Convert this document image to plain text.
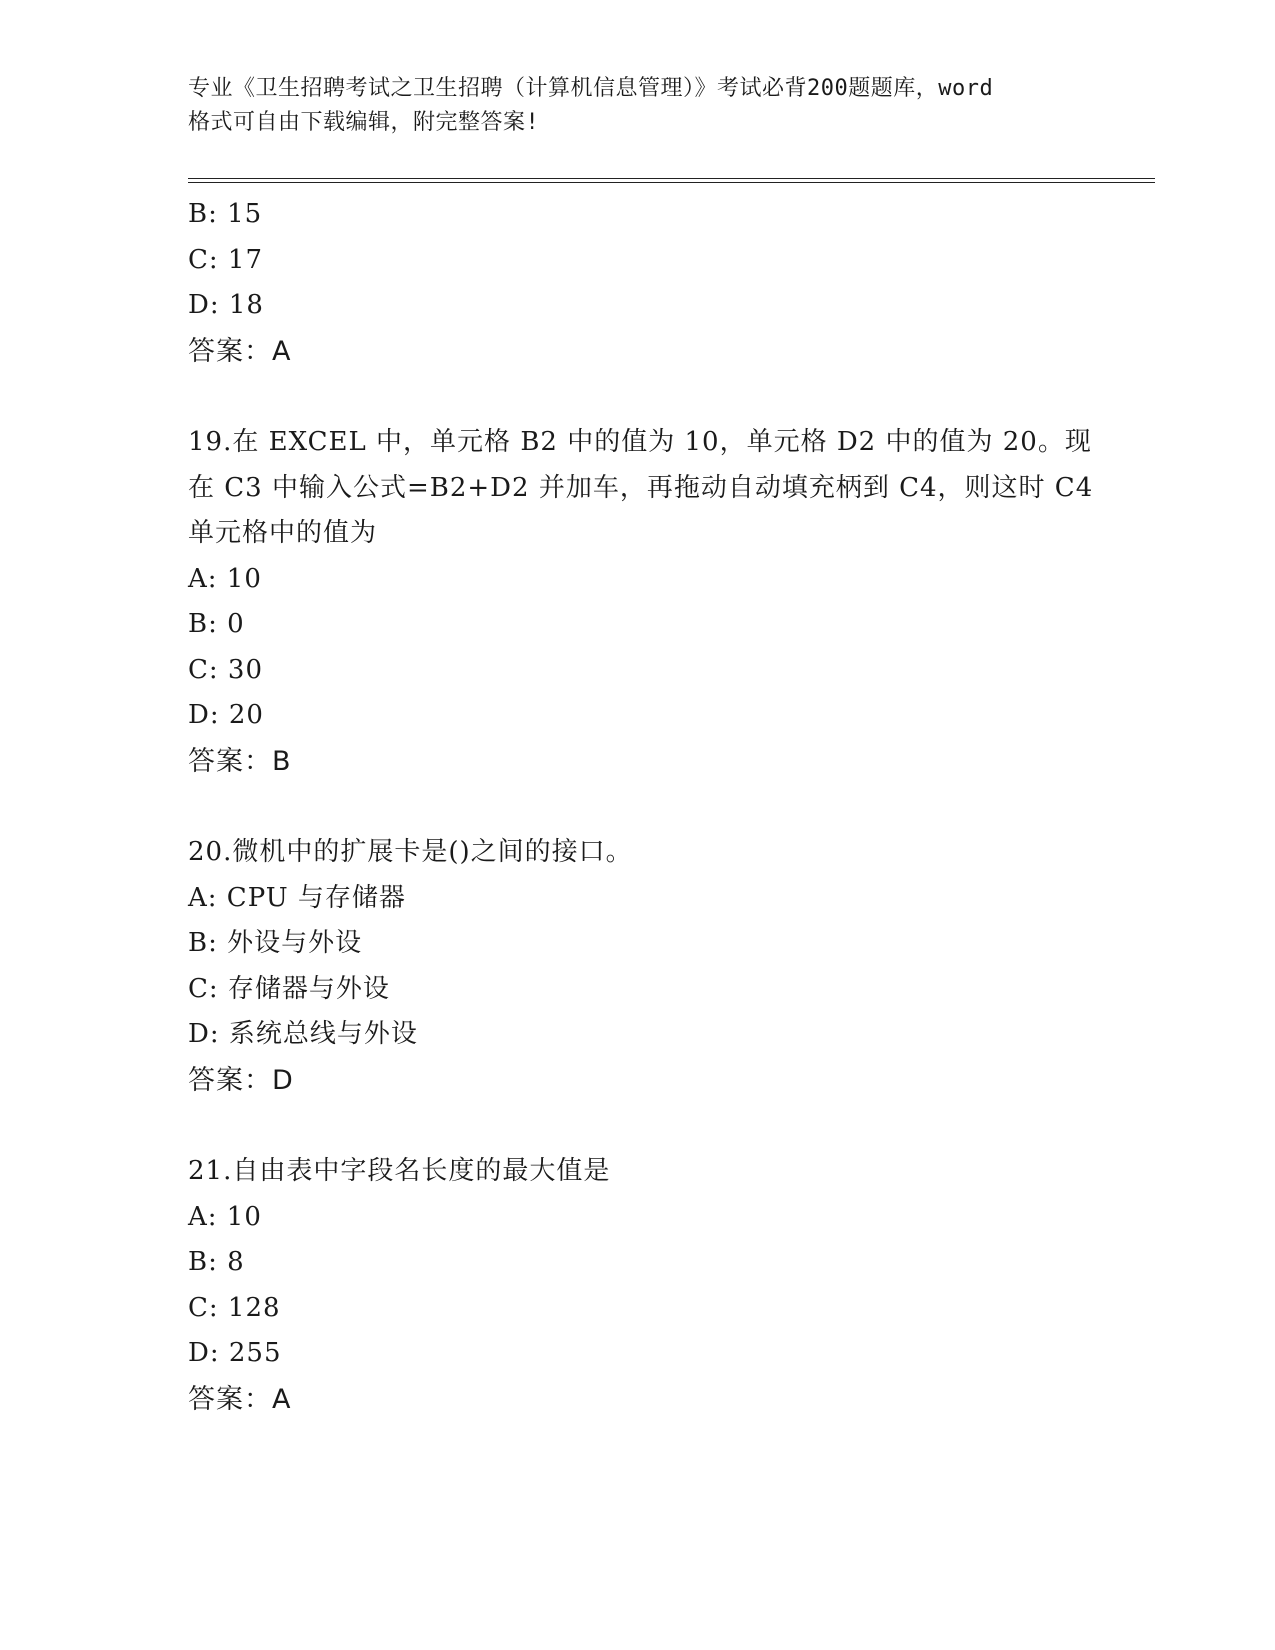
专业《卫生招聘考试之卫生招聘（计算机信息管理）》考试必背200题题库，word
格式可自由下载编辑，附完整答案!
B: 15
C: 17
D: 18
答案：A
19.在 EXCEL 中，单元格 B2 中的值为 10，单元格 D2 中的值为 20。现
在 C3 中输入公式=B2+D2 并加车，再拖动自动填充柄到 C4，则这时 C4
单元格中的值为
A: 10
B: 0
C: 30
D: 20
答案：B
20.微机中的扩展卡是()之间的接口。
A: CPU 与存储器
B: 外设与外设
C: 存储器与外设
D: 系统总线与外设
答案：D
21.自由表中字段名长度的最大值是
A: 10
B: 8
C: 128
D: 255
答案：A
